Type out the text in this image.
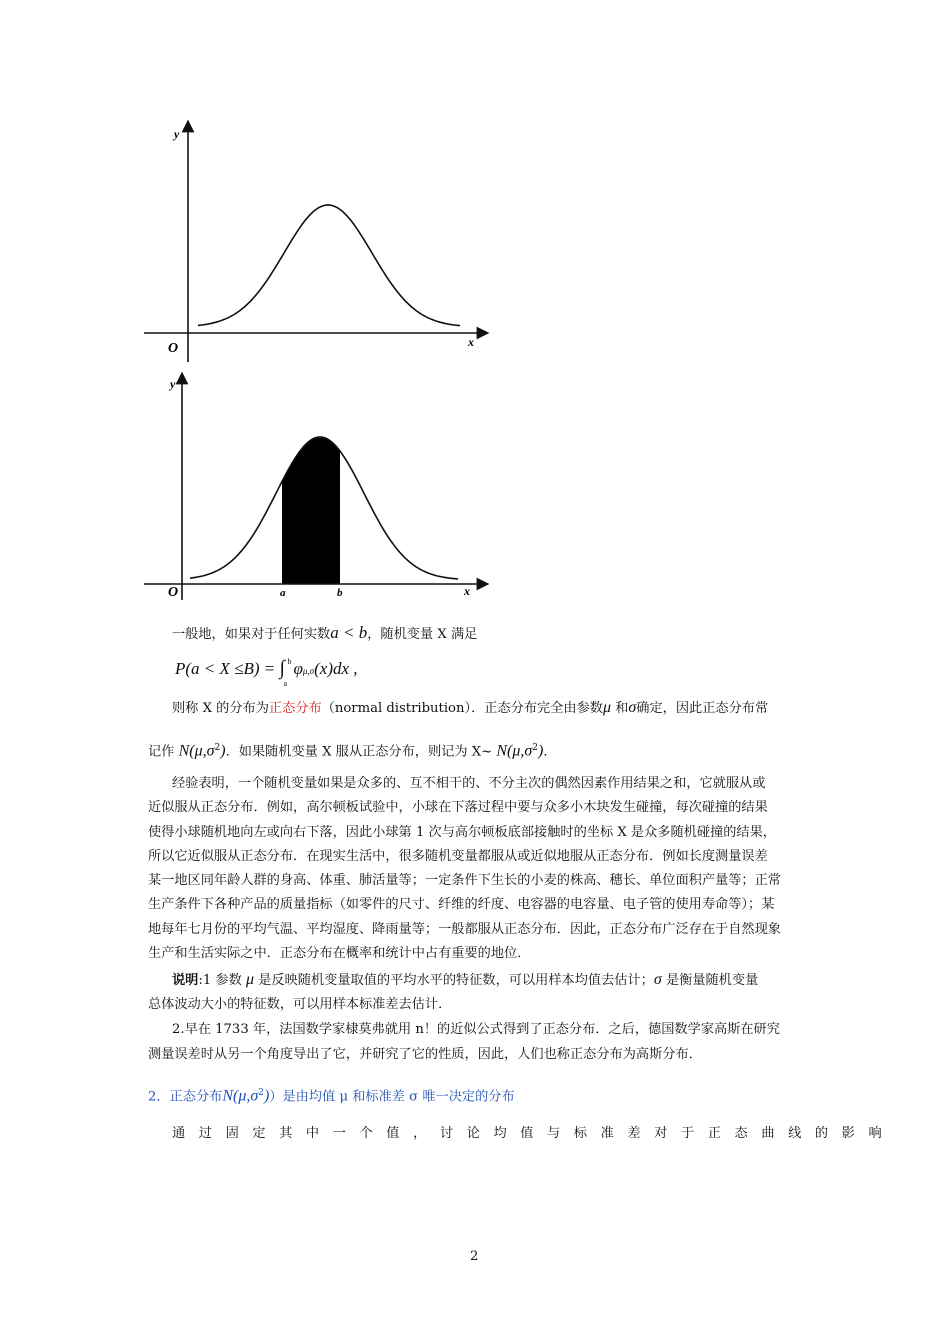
y
x
O
y
x
O	a	b
一般地，如果对于任何实数a < b，随机变量 X 满足
P(a < X ≤B) = ∫ b
a
φμ,σ(x)dx ,
则称 X 的分布为正态分布（normal distribution）．正态分布完全由参数μ 和σ确定，因此正态分布常
记作 $N(\mu,\sigma^2)$．如果随机变量 X 服从正态分布，则记为 X~ $N(\mu,\sigma^2)$．
经验表明，一个随机变量如果是众多的、互不相干的、不分主次的偶然因素作用结果之和，它就服从或
近似服从正态分布．例如，高尔顿板试验中，小球在下落过程中要与众多小木块发生碰撞，每次碰撞的结果
使得小球随机地向左或向右下落，因此小球第 1 次与高尔顿板底部接触时的坐标 X 是众多随机碰撞的结果，
所以它近似服从正态分布．在现实生活中，很多随机变量都服从或近似地服从正态分布．例如长度测量误差
某一地区同年龄人群的身高、体重、肺活量等；一定条件下生长的小麦的株高、穗长、单位面积产量等；正常
生产条件下各种产品的质量指标（如零件的尺寸、纤维的纤度、电容器的电容量、电子管的使用寿命等）；某
地每年七月份的平均气温、平均湿度、降雨量等；一般都服从正态分布．因此，正态分布广泛存在于自然现象
生产和生活实际之中．正态分布在概率和统计中占有重要的地位．
说明:1 参数 μ 是反映随机变量取值的平均水平的特征数，可以用样本均值去估计；σ 是衡量随机变量
总体波动大小的特征数，可以用样本标准差去估计．
2.早在 1733 年，法国数学家棣莫弗就用 n！的近似公式得到了正态分布．之后，德国数学家高斯在研究
测量误差时从另一个角度导出了它，并研究了它的性质，因此，人们也称正态分布为高斯分布．
2．正态分布$N(\mu,\sigma^2)$）是由均值 μ 和标准差 σ 唯一决定的分布
通过固定其中一个值，讨论均值与标准差对于正态曲线的影响
2
